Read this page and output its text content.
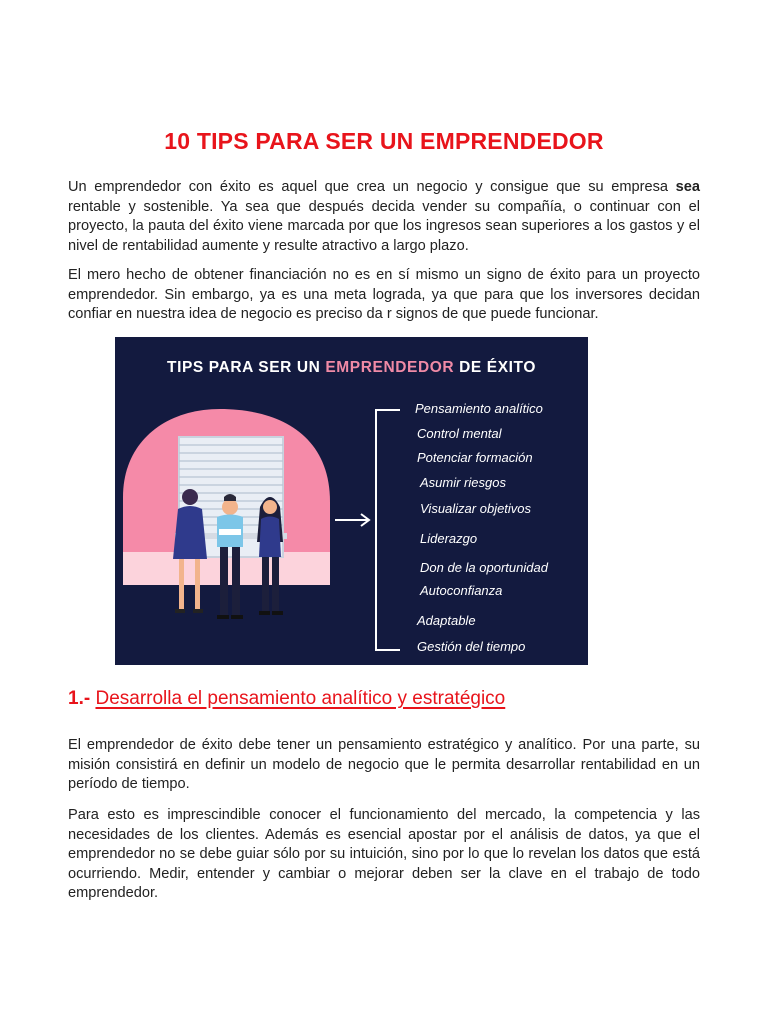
10 TIPS PARA SER UN EMPRENDEDOR
Un emprendedor con éxito es aquel que crea un negocio y consigue que su empresa sea rentable y sostenible. Ya sea que después decida vender su compañía, o continuar con el proyecto, la pauta del éxito viene marcada por que los ingresos sean superiores a los gastos y el nivel de rentabilidad aumente y resulte atractivo a largo plazo.
El mero hecho de obtener financiación no es en sí mismo un signo de éxito para un proyecto emprendedor. Sin embargo, ya es una meta lograda, ya que para que los inversores decidan confiar en nuestra idea de negocio es preciso da r signos de que puede funcionar.
TIPS PARA SER UN EMPRENDEDOR DE ÉXITO
Pensamiento analítico
Control mental
Potenciar formación
Asumir riesgos
Visualizar objetivos
Liderazgo
Don de la oportunidad
Autoconfianza
Adaptable
Gestión del tiempo
1.- Desarrolla el pensamiento analítico y estratégico
El emprendedor de éxito debe tener un pensamiento estratégico y analítico. Por una parte, su misión consistirá en definir un modelo de negocio que le permita desarrollar rentabilidad en un período de tiempo.
Para esto es imprescindible conocer el funcionamiento del mercado, la competencia y las necesidades de los clientes. Además es esencial apostar por el análisis de datos, ya que el emprendedor no se debe guiar sólo por su intuición, sino por lo que lo revelan los datos que está ocurriendo. Medir, entender y cambiar o mejorar deben ser la clave en el trabajo de todo emprendedor.
